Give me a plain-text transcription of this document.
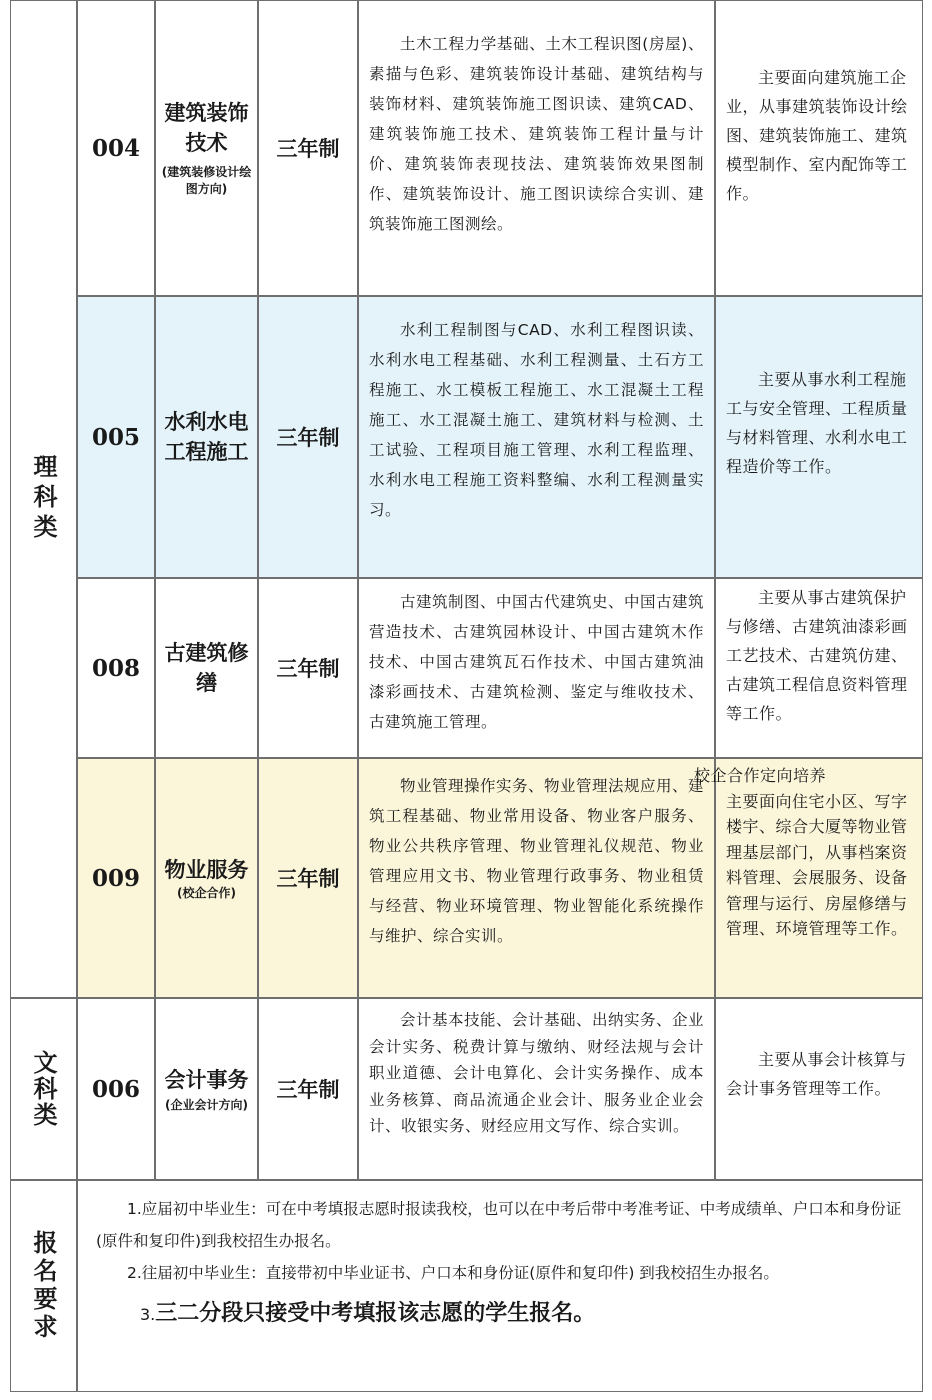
理科类
文科类
报名要求
004
建筑装饰技术
(建筑装修设计绘图方向)
三年制
土木工程力学基础、土木工程识图(房屋)、素描与色彩、建筑装饰设计基础、建筑结构与装饰材料、建筑装饰施工图识读、建筑CAD、建筑装饰施工技术、建筑装饰工程计量与计价、建筑装饰表现技法、建筑装饰效果图制作、建筑装饰设计、施工图识读综合实训、建筑装饰施工图测绘。
主要面向建筑施工企业，从事建筑装饰设计绘图、建筑装饰施工、建筑模型制作、室内配饰等工作。
005
水利水电工程施工
三年制
水利工程制图与CAD、水利工程图识读、水利水电工程基础、水利工程测量、土石方工程施工、水工模板工程施工、水工混凝土工程施工、水工混凝土施工、建筑材料与检测、土工试验、工程项目施工管理、水利工程监理、水利水电工程施工资料整编、水利工程测量实习。
主要从事水利工程施工与安全管理、工程质量与材料管理、水利水电工程造价等工作。
008
古建筑修缮
三年制
古建筑制图、中国古代建筑史、中国古建筑营造技术、古建筑园林设计、中国古建筑木作技术、中国古建筑瓦石作技术、中国古建筑油漆彩画技术、古建筑检测、鉴定与维收技术、古建筑施工管理。
主要从事古建筑保护与修缮、古建筑油漆彩画工艺技术、古建筑仿建、古建筑工程信息资料管理等工作。
009	物业服务
(校企合作)
三年制
物业管理操作实务、物业管理法规应用、建筑工程基础、物业常用设备、物业客户服务、物业公共秩序管理、物业管理礼仪规范、物业管理应用文书、物业管理行政事务、物业租赁与经营、物业环境管理、物业智能化系统操作与维护、综合实训。
校企合作定向培养
主要面向住宅小区、写字楼宇、综合大厦等物业管理基层部门，从事档案资料管理、会展服务、设备管理与运行、房屋修缮与管理、环境管理等工作。
006	会计事务
(企业会计方向)
三年制
会计基本技能、会计基础、出纳实务、企业会计实务、税费计算与缴纳、财经法规与会计职业道德、会计电算化、会计实务操作、成本业务核算、商品流通企业会计、服务业企业会计、收银实务、财经应用文写作、综合实训。
主要从事会计核算与会计事务管理等工作。

1.应届初中毕业生：可在中考填报志愿时报读我校，也可以在中考后带中考准考证、中考成绩单、户口本和身份证(原件和复印件)到我校招生办报名。

2.往届初中毕业生：直接带初中毕业证书、户口本和身份证(原件和复印件) 到我校招生办报名。

3.三二分段只接受中考填报该志愿的学生报名。
